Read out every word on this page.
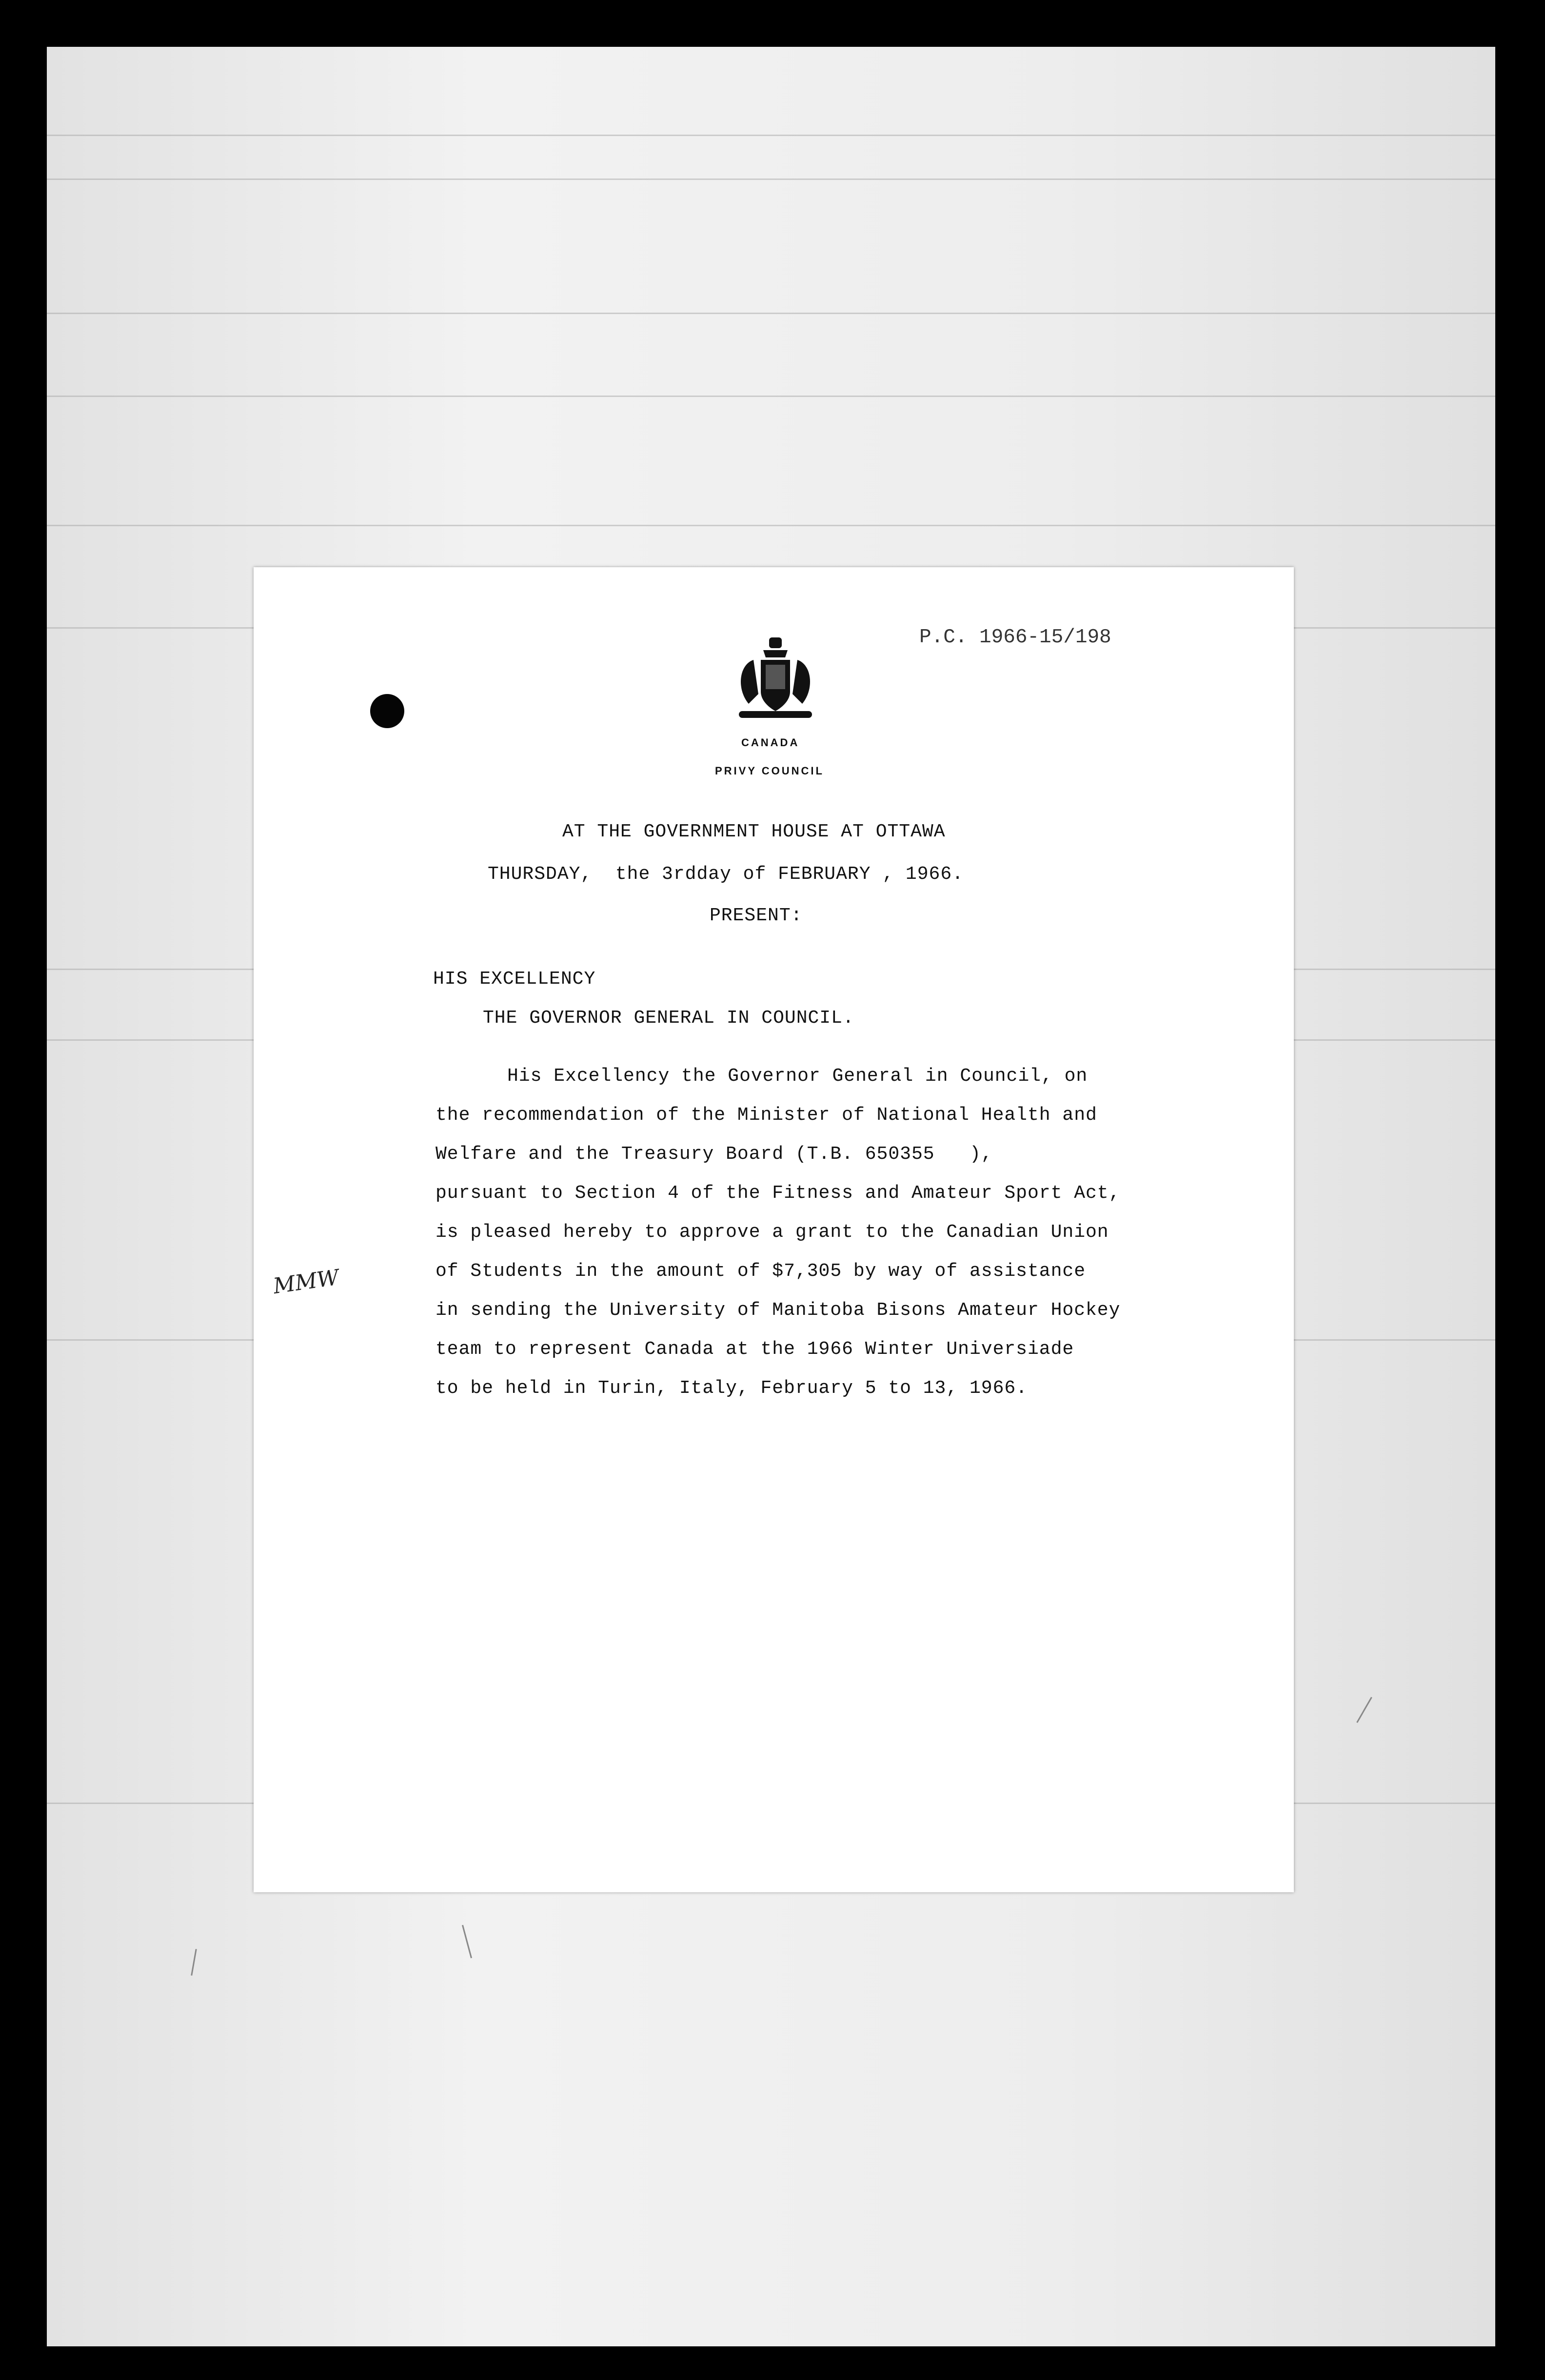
P.C. 1966-15/198
CANADA
PRIVY COUNCIL
AT THE GOVERNMENT HOUSE AT OTTAWA
THURSDAY,  the 3rdday of FEBRUARY , 1966.
PRESENT:
HIS EXCELLENCY
THE GOVERNOR GENERAL IN COUNCIL.
His Excellency the Governor General in Council, on
the recommendation of the Minister of National Health and
Welfare and the Treasury Board (T.B. 650355   ),
pursuant to Section 4 of the Fitness and Amateur Sport Act,
is pleased hereby to approve a grant to the Canadian Union
of Students in the amount of $7,305 by way of assistance
in sending the University of Manitoba Bisons Amateur Hockey
team to represent Canada at the 1966 Winter Universiade
to be held in Turin, Italy, February 5 to 13, 1966.
MMW
